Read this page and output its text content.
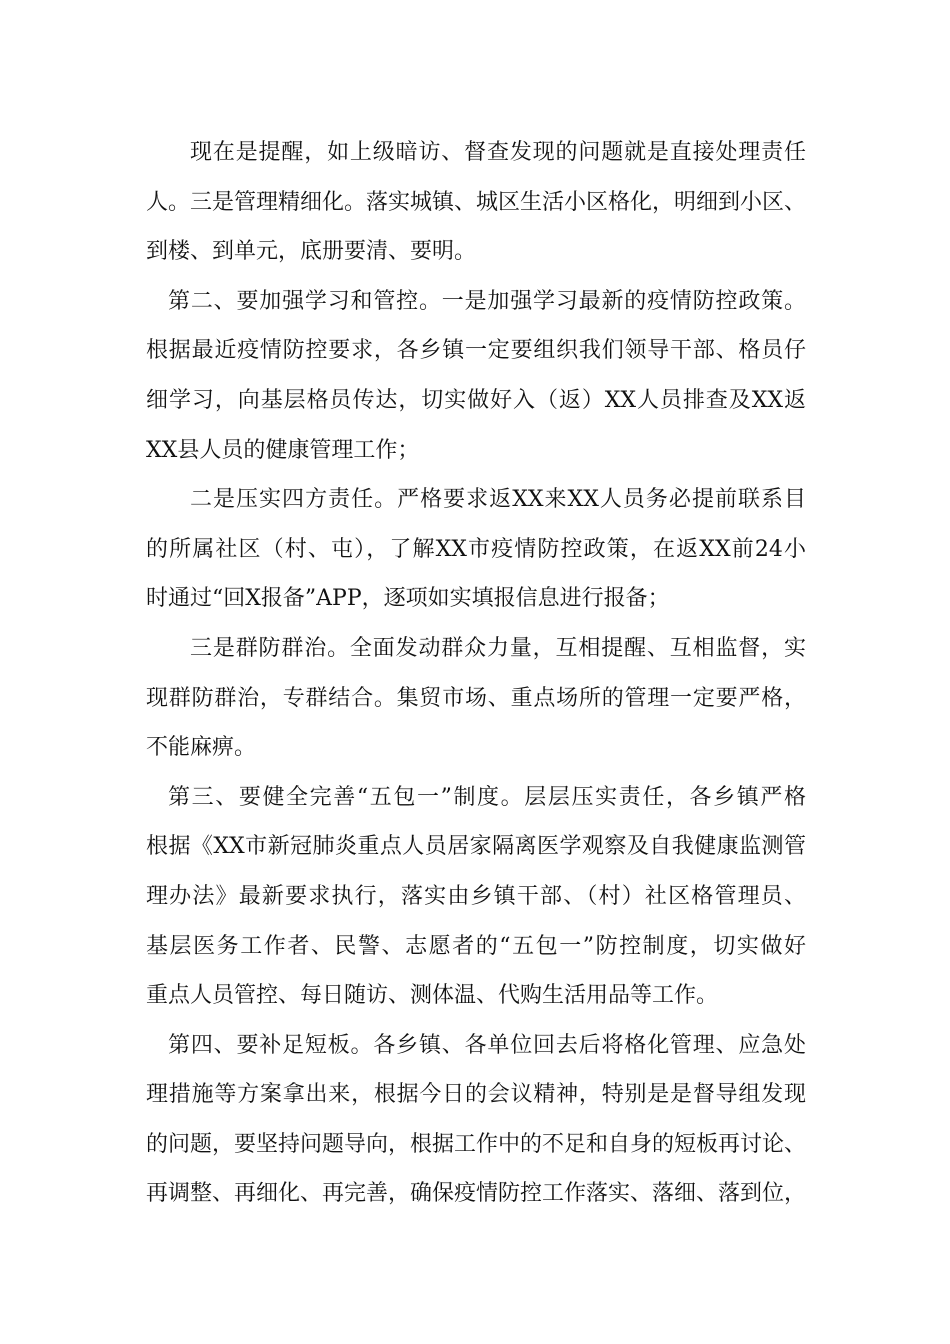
现在是提醒，如上级暗访、督查发现的问题就是直接处理责任
人。三是管理精细化。落实城镇、城区生活小区格化，明细到小区、
到楼、到单元，底册要清、要明。
第二、要加强学习和管控。一是加强学习最新的疫情防控政策。
根据最近疫情防控要求，各乡镇一定要组织我们领导干部、格员仔
细学习，向基层格员传达，切实做好入（返）XX人员排查及XX返
XX县人员的健康管理工作；
二是压实四方责任。严格要求返XX来XX人员务必提前联系目
的所属社区（村、屯），了解XX市疫情防控政策，在返XX前24小
时通过“回X报备”APP，逐项如实填报信息进行报备；
三是群防群治。全面发动群众力量，互相提醒、互相监督，实
现群防群治，专群结合。集贸市场、重点场所的管理一定要严格，
不能麻痹。
第三、要健全完善“五包一”制度。层层压实责任，各乡镇严格
根据《XX市新冠肺炎重点人员居家隔离医学观察及自我健康监测管
理办法》最新要求执行，落实由乡镇干部、（村）社区格管理员、
基层医务工作者、民警、志愿者的“五包一”防控制度，切实做好
重点人员管控、每日随访、测体温、代购生活用品等工作。
第四、要补足短板。各乡镇、各单位回去后将格化管理、应急处
理措施等方案拿出来，根据今日的会议精神，特别是是督导组发现
的问题，要坚持问题导向，根据工作中的不足和自身的短板再讨论、
再调整、再细化、再完善，确保疫情防控工作落实、落细、落到位，
